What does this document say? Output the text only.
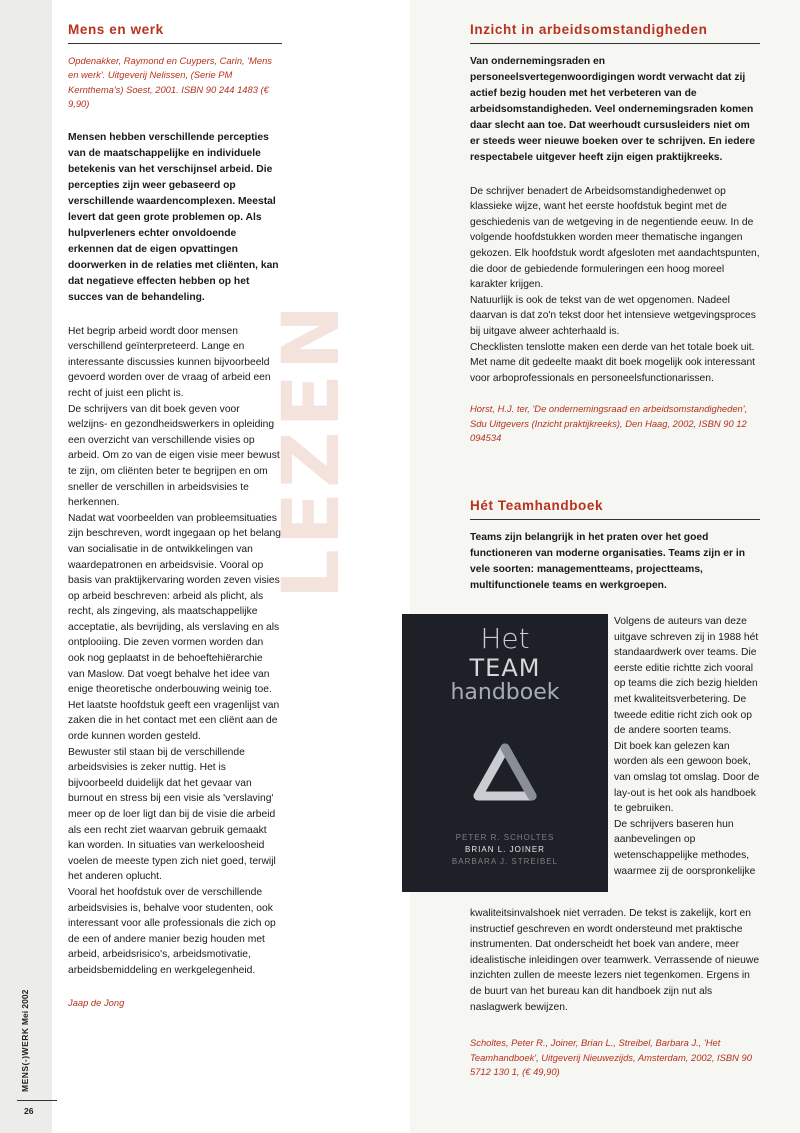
LEZEN
Mens en werk
Opdenakker, Raymond en Cuypers, Carin, 'Mens en werk'. Uitgeverij Nelissen, (Serie PM Kernthema's) Soest, 2001. ISBN 90 244 1483 (€ 9,90)
Mensen hebben verschillende percepties van de maatschappelijke en individuele betekenis van het verschijnsel arbeid. Die percepties zijn weer gebaseerd op verschillende waardencomplexen. Meestal levert dat geen grote problemen op. Als hulpverleners echter onvoldoende erkennen dat de eigen opvattingen doorwerken in de relaties met cliënten, kan dat negatieve effecten hebben op het succes van de behandeling.

Het begrip arbeid wordt door mensen verschillend geïnterpreteerd. Lange en interessante discussies kunnen bijvoorbeeld gevoerd worden over de vraag of arbeid een recht of juist een plicht is.

De schrijvers van dit boek geven voor welzijns- en gezondheidswerkers in opleiding een overzicht van verschillende visies op arbeid. Om zo van de eigen visie meer bewust te zijn, om cliënten beter te begrijpen en om sneller de verschillen in arbeidsvisies te herkennen.

Nadat wat voorbeelden van probleemsituaties zijn beschreven, wordt ingegaan op het belang van socialisatie in de ontwikkelingen van waardepatronen en arbeidsvisie. Vooral op basis van praktijkervaring worden zeven visies op arbeid beschreven: arbeid als plicht, als recht, als zingeving, als maatschappelijke acceptatie, als bevrijding, als verslaving en als ontplooiing. Die zeven vormen worden dan ook nog geplaatst in de behoeftehiërarchie van Maslow. Dat voegt behalve het idee van enige theoretische onderbouwing weinig toe. Het laatste hoofdstuk geeft een vragenlijst van zaken die in het contact met een cliënt aan de orde kunnen worden gesteld.

Bewuster stil staan bij de verschillende arbeidsvisies is zeker nuttig. Het is bijvoorbeeld duidelijk dat het gevaar van burnout en stress bij een visie als 'verslaving' meer op de loer ligt dan bij de visie die arbeid als een recht ziet waarvan gebruik gemaakt kan worden. In situaties van werkeloosheid voelen de meeste typen zich niet goed, terwijl het anderen oplucht.

Vooral het hoofdstuk over de verschillende arbeidsvisies is, behalve voor studenten, ook interessant voor alle professionals die zich op de een of andere manier bezig houden met arbeid, arbeidsrisico's, arbeidsmotivatie, arbeidsbemiddeling en werkgelegenheid.

Jaap de Jong
Inzicht in arbeidsomstandigheden
Van ondernemingsraden en personeelsvertegenwoordigingen wordt verwacht dat zij actief bezig houden met het verbeteren van de arbeidsomstandigheden. Veel ondernemingsraden komen daar slecht aan toe. Dat weerhoudt cursusleiders niet om er steeds weer nieuwe boeken over te schrijven. En iedere respectabele uitgever heeft zijn eigen praktijkreeks.

De schrijver benadert de Arbeidsomstandighedenwet op klassieke wijze, want het eerste hoofdstuk begint met de geschiedenis van de wetgeving in de negentiende eeuw. In de volgende hoofdstukken worden meer thematische ingangen gekozen. Elk hoofdstuk wordt afgesloten met aandachtspunten, die door de gebiedende formuleringen een hoog moreel karakter krijgen.

Natuurlijk is ook de tekst van de wet opgenomen. Nadeel daarvan is dat zo'n tekst door het intensieve wetgevingsproces bij uitgave alweer achterhaald is.

Checklisten tenslotte maken een derde van het totale boek uit. Met name dit gedeelte maakt dit boek mogelijk ook interessant voor arboprofessionals en personeelsfunctionarissen.

Horst, H.J. ter, 'De ondernemingsraad en arbeidsomstandigheden', Sdu Uitgevers (Inzicht praktijkreeks), Den Haag, 2002, ISBN 90 12 094534
Hét Teamhandboek
Teams zijn belangrijk in het praten over het goed functioneren van moderne organisaties. Teams zijn er in vele soorten: managementteams, projectteams, multifunctionele teams en werkgroepen.
Het
TEAM
handboek
PETER R. SCHOLTES
BRIAN L. JOINER
BARBARA J. STREIBEL

Volgens de auteurs van deze uitgave schreven zij in 1988 hét standaardwerk over teams. Die eerste editie richtte zich vooral op teams die zich bezig hielden met kwaliteitsverbetering. De tweede editie richt zich ook op de andere soorten teams.

Dit boek kan gelezen kan worden als een gewoon boek, van omslag tot omslag. Door de lay-out is het ook als handboek te gebruiken.

De schrijvers baseren hun aanbevelingen op wetenschappelijke methodes, waarmee zij de oorspronkelijke

kwaliteitsinvalshoek niet verraden. De tekst is zakelijk, kort en instructief geschreven en wordt ondersteund met praktische instrumenten. Dat onderscheidt het boek van andere, meer idealistische inleidingen over teamwerk. Verrassende of nieuwe inzichten zullen de meeste lezers niet tegenkomen. Ergens in de buurt van het bureau kan dit handboek zijn nut als naslagwerk bewijzen.
Scholtes, Peter R., Joiner, Brian L., Streibel, Barbara J., 'Het Teamhandboek', Uitgeverij Nieuwezijds, Amsterdam, 2002, ISBN 90 5712 130 1, (€ 49,90)
MENS(-)WERK Mei 2002
26
